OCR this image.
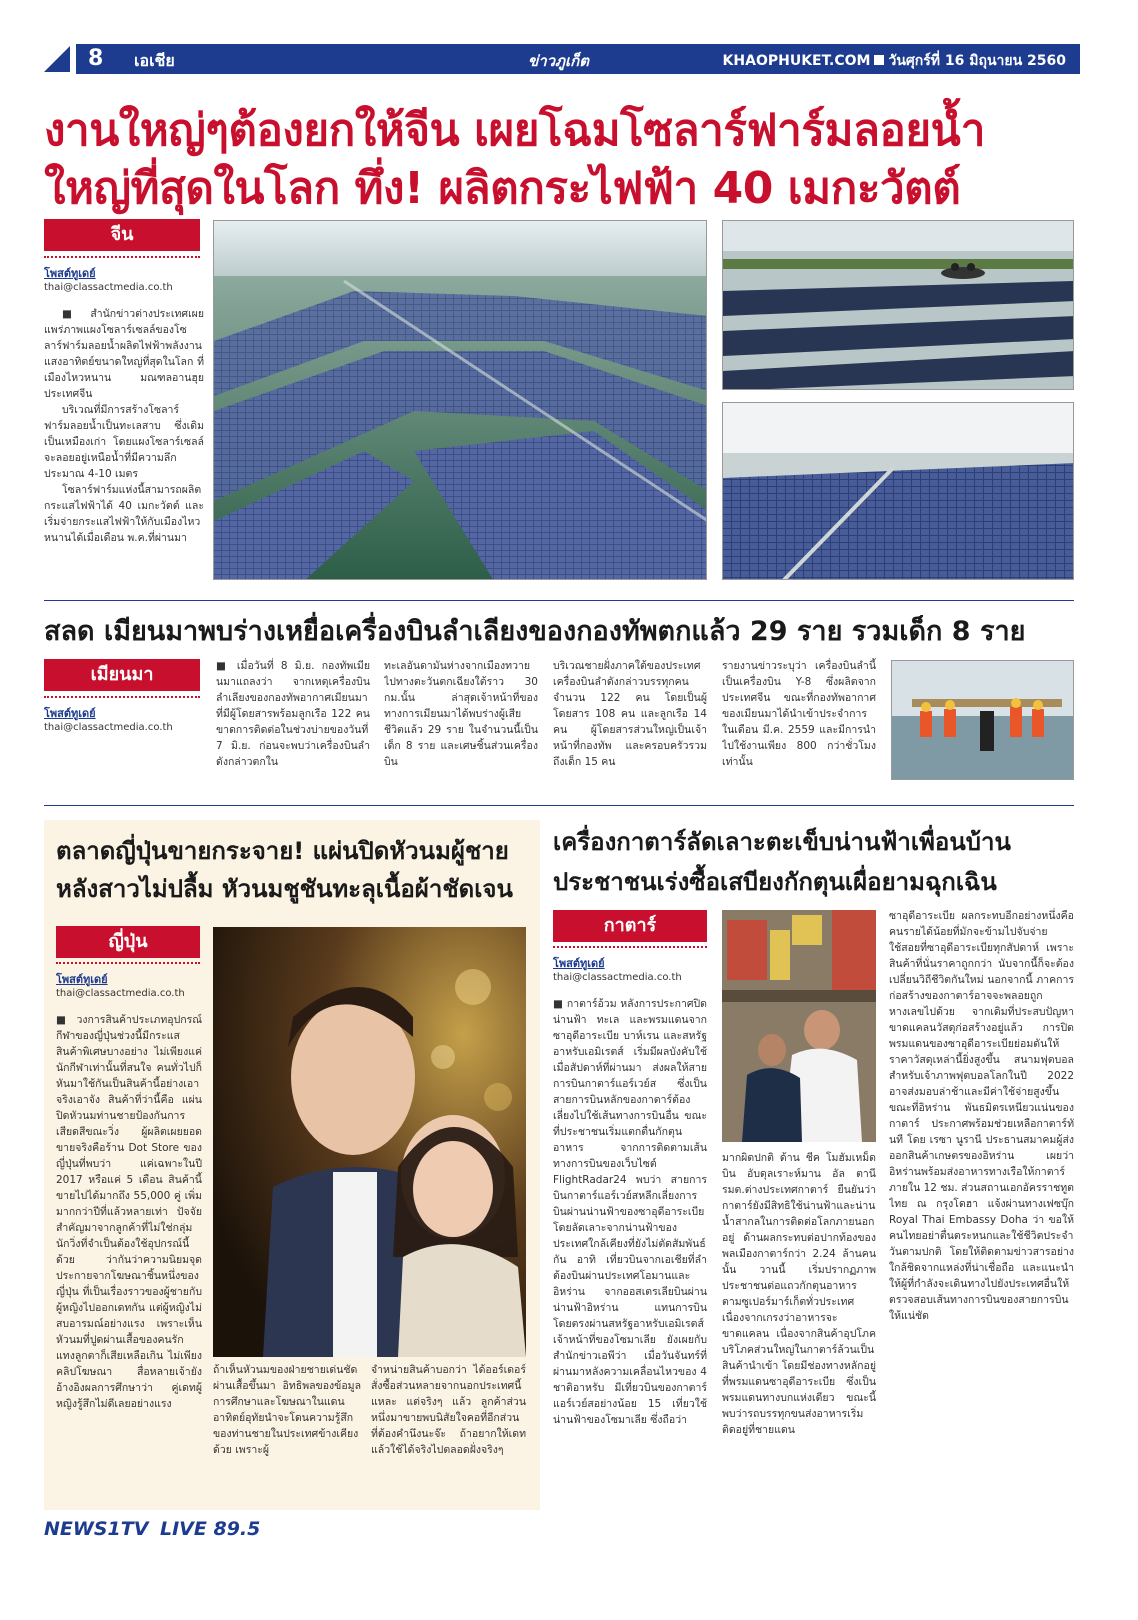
8 เอเชีย	ข่าวภูเก็ต	KHAOPHUKET.COM วันศุกร์ที่ 16 มิถุนายน 2560
งานใหญ่ๆต้องยกให้จีน เผยโฉมโซลาร์ฟาร์มลอยน้ำ
ใหญ่ที่สุดในโลก ทึ่ง! ผลิตกระไฟฟ้า 40 เมกะวัตต์
จีน
โพสต์ทูเดย์
thai@classactmedia.co.th

■ สำนักข่าวต่างประเทศเผยแพร่ภาพแผงโซลาร์เซลล์ของโซลาร์ฟาร์มลอยน้ำผลิตไฟฟ้าพลังงานแสงอาทิตย์ขนาดใหญ่ที่สุดในโลก ที่เมืองไหวหนาน มณฑลอานฮุย ประเทศจีน

บริเวณที่มีการสร้างโซลาร์ฟาร์มลอยน้ำเป็นทะเลสาบ ซึ่งเดิมเป็นเหมืองเก่า โดยแผงโซลาร์เซลล์จะลอยอยู่เหนือน้ำที่มีความลึกประมาณ 4-10 เมตร

โซลาร์ฟาร์มแห่งนี้สามารถผลิตกระแสไฟฟ้าได้ 40 เมกะวัตต์ และเริ่มจ่ายกระแสไฟฟ้าให้กับเมืองไหวหนานได้เมื่อเดือน พ.ค.ที่ผ่านมา

สลด เมียนมาพบร่างเหยื่อเครื่องบินลำเลียงของกองทัพตกแล้ว 29 ราย รวมเด็ก 8 ราย
เมียนมา
โพสต์ทูเดย์
thai@classactmedia.co.th
■ เมื่อวันที่ 8 มิ.ย. กองทัพเมียนมาแถลงว่า จากเหตุเครื่องบินลำเลียงของกองทัพอากาศเมียนมา ที่มีผู้โดยสารพร้อมลูกเรือ 122 คน ขาดการติดต่อในช่วงบ่ายของวันที่ 7 มิ.ย. ก่อนจะพบว่าเครื่องบินลำดังกล่าวตกใน
ทะเลอันดามันห่างจากเมืองทวายไปทางตะวันตกเฉียงใต้ราว 30 กม.นั้น ล่าสุดเจ้าหน้าที่ของทางการเมียนมาได้พบร่างผู้เสียชีวิตแล้ว 29 ราย ในจำนวนนี้เป็นเด็ก 8 ราย และเศษชิ้นส่วนเครื่องบิน
บริเวณชายฝั่งภาคใต้ของประเทศ เครื่องบินลำดังกล่าวบรรทุกคนจำนวน 122 คน โดยเป็นผู้โดยสาร 108 คน และลูกเรือ 14 คน ผู้โดยสารส่วนใหญ่เป็นเจ้าหน้าที่กองทัพ และครอบครัวรวมถึงเด็ก 15 คน
รายงานข่าวระบุว่า เครื่องบินลำนี้เป็นเครื่องบิน Y-8 ซึ่งผลิตจากประเทศจีน ขณะที่กองทัพอากาศของเมียนมาได้นำเข้าประจำการในเดือน มี.ค. 2559 และมีการนำไปใช้งานเพียง 800 กว่าชั่วโมงเท่านั้น
ตลาดญี่ปุ่นขายกระจาย! แผ่นปิดหัวนมผู้ชาย
หลังสาวไม่ปลื้ม หัวนมชูชันทะลุเนื้อผ้าชัดเจน
ญี่ปุ่น
โพสต์ทูเดย์
thai@classactmedia.co.th
■ วงการสินค้าประเภทอุปกรณ์กีฬาของญี่ปุ่นช่วงนี้มีกระแสสินค้าพิเศษบางอย่าง ไม่เพียงแค่นักกีฬาเท่านั้นที่สนใจ คนทั่วไปก็หันมาใช้กันเป็นสินค้านี้อย่างเอาจริงเอาจัง สินค้าที่ว่านี้คือ แผ่นปิดหัวนมท่านชายป้องกันการเสียดสีขณะวิ่ง ผู้ผลิตเผยยอดขายจริงคือร้าน Dot Store ของญี่ปุ่นที่พบว่า แค่เฉพาะในปี 2017 หรือแค่ 5 เดือน สินค้านี้ขายไปได้มากถึง 55,000 คู่ เพิ่มมากกว่าปีที่แล้วหลายเท่า ปัจจัยสำคัญมาจากลูกค้าที่ไม่ใช่กลุ่มนักวิ่งที่จำเป็นต้องใช้อุปกรณ์นี้ด้วย ว่ากันว่าความนิยมจุดประกายจากโฆษณาชิ้นหนึ่งของญี่ปุ่น ที่เป็นเรื่องราวของผู้ชายกับผู้หญิงไปออกเดทกัน แต่ผู้หญิงไม่สบอารมณ์อย่างแรง เพราะเห็นหัวนมที่ปูดผ่านเสื้อของคนรักแทงลูกตาก็เสียเหลือเกิน ไม่เพียงคลิปโฆษณา สื่อหลายเจ้ายังอ้างอิงผลการศึกษาว่า คู่เดทผู้หญิงรู้สึกไม่ดีเลยอย่างแรง
ถ้าเห็นหัวนมของฝ่ายชายเด่นชัดผ่านเสื้อขึ้นมา อิทธิพลของข้อมูลการศึกษาและโฆษณาในแดนอาทิตย์อุทัยนำจะโดนความรู้สึกของท่านชายในประเทศข้างเคียงด้วย เพราะผู้
จำหน่ายสินค้าบอกว่า ได้ออร์เดอร์สั่งซื้อส่วนหลายจากนอกประเทศนี้แหละ แต่จริงๆ แล้ว ลูกค้าส่วนหนึ่งมาขายพบนิสัยใจคอที่อีกส่วนที่ต้องคำนึงนะจ๊ะ ถ้าอยากให้เดทแล้วใช้ได้จริงไปตลอดฝั่งจริงๆ
เครื่องกาตาร์ลัดเลาะตะเข็บน่านฟ้าเพื่อนบ้าน
ประชาชนเร่งซื้อเสบียงกักตุนเผื่อยามฉุกเฉิน
กาตาร์
โพสต์ทูเดย์
thai@classactmedia.co.th
■ กาตาร์อ้วม หลังการประกาศปิดน่านฟ้า ทะเล และพรมแดนจากซาอุดีอาระเบีย บาห์เรน และสหรัฐอาหรับเอมิเรตส์ เริ่มมีผลบังคับใช้เมื่อสัปดาห์ที่ผ่านมา ส่งผลให้สายการบินกาตาร์แอร์เวย์ส ซึ่งเป็นสายการบินหลักของกาตาร์ต้องเลี่ยงไปใช้เส้นทางการบินอื่น ขณะที่ประชาชนเริ่มแตกตื่นกักตุนอาหาร จากการติดตามเส้นทางการบินของเว็บไซต์ FlightRadar24 พบว่า สายการบินกาตาร์แอร์เวย์สหลีกเลี่ยงการบินผ่านน่านฟ้าของซาอุดีอาระเบีย โดยลัดเลาะจากน่านฟ้าของประเทศใกล้เคียงที่ยังไม่ตัดสัมพันธ์กัน อาทิ เที่ยวบินจากเอเชียที่ลำต้องบินผ่านประเทศโอมานและอิหร่าน จากออสเตรเลียบินผ่านน่านฟ้าอิหร่าน แทนการบินโดยตรงผ่านสหรัฐอาหรับเอมิเรตส์ เจ้าหน้าที่ของโซมาเลีย ยังเผยกับสำนักข่าวเอพีว่า เมื่อวันจันทร์ที่ผ่านมาหลังความเคลื่อนไหวของ 4 ชาติอาหรับ มีเที่ยวบินของกาตาร์แอร์เวย์สอย่างน้อย 15 เที่ยวใช้น่านฟ้าของโซมาเลีย ซึ่งถือว่า
มากผิดปกติ ด้าน ชีค โมฮัมเหม็ด บิน อับดุลเราะห์มาน อัล ตานี รมต.ต่างประเทศกาตาร์ ยืนยันว่า กาตาร์ยังมีสิทธิใช้น่านฟ้าและน่านน้ำสากลในการติดต่อโลกภายนอกอยู่ ด้านผลกระทบต่อปากท้องของพลเมืองกาตาร์กว่า 2.24 ล้านคนนั้น วานนี้ เริ่มปรากฏภาพประชาชนต่อแถวกักตุนอาหารตามซูเปอร์มาร์เก็ตทั่วประเทศ เนื่องจากเกรงว่าอาหารจะขาดแคลน เนื่องจากสินค้าอุปโภคบริโภคส่วนใหญ่ในกาตาร์ล้วนเป็นสินค้านำเข้า โดยมีช่องทางหลักอยู่ที่พรมแดนซาอุดีอาระเบีย ซึ่งเป็นพรมแดนทางบกแห่งเดียว ขณะนี้พบว่ารถบรรทุกขนส่งอาหารเริ่มติดอยู่ที่ชายแดน
ซาอุดีอาระเบีย ผลกระทบอีกอย่างหนึ่งคือ คนรายได้น้อยที่มักจะข้ามไปจับจ่ายใช้สอยที่ซาอุดีอาระเบียทุกสัปดาห์ เพราะสินค้าที่นั่นราคาถูกกว่า นับจากนี้ก็จะต้องเปลี่ยนวิถีชีวิตกันใหม่ นอกจากนี้ ภาคการก่อสร้างของกาตาร์อาจจะพลอยถูกหางเลขไปด้วย จากเดิมที่ประสบปัญหาขาดแคลนวัสดุก่อสร้างอยู่แล้ว การปิดพรมแดนของซาอุดีอาระเบียย่อมดันให้ราคาวัสดุเหล่านี้ยิ่งสูงขึ้น สนามฟุตบอลสำหรับเจ้าภาพฟุตบอลโลกในปี 2022 อาจส่งมอบล่าช้าและมีค่าใช้จ่ายสูงขึ้น ขณะที่อิหร่าน พันธมิตรเหนียวแน่นของกาตาร์ ประกาศพร้อมช่วยเหลือกาตาร์ทันที โดย เรซา นูรานี ประธานสมาคมผู้ส่งออกสินค้าเกษตรของอิหร่าน เผยว่า อิหร่านพร้อมส่งอาหารทางเรือให้กาตาร์ภายใน 12 ชม. ส่วนสถานเอกอัครราชทูตไทย ณ กรุงโดฮา แจ้งผ่านทางเฟซบุ๊ก Royal Thai Embassy Doha ว่า ขอให้คนไทยอย่าตื่นตระหนกและใช้ชีวิตประจำวันตามปกติ โดยให้ติดตามข่าวสารอย่างใกล้ชิดจากแหล่งที่น่าเชื่อถือ และแนะนำให้ผู้ที่กำลังจะเดินทางไปยังประเทศอื่นให้ตรวจสอบเส้นทางการบินของสายการบินให้แน่ชัด
NEWS1TV LIVE 89.5
